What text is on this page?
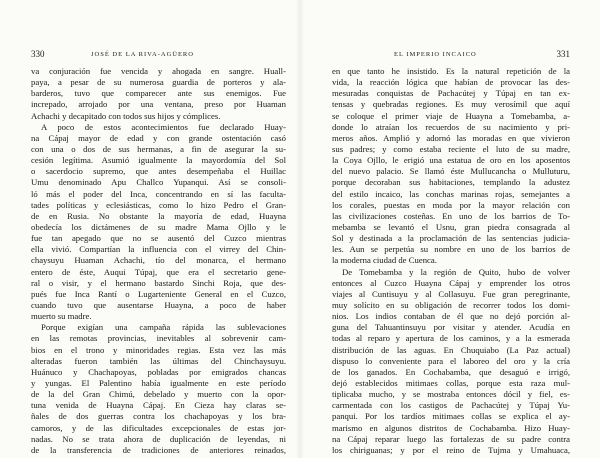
330	JOSÉ DE LA RIVA-AGÜERO
va conjuración fue vencida y ahogada en sangre. Huall-
paya, a pesar de su numerosa guardia de porteros y ala-
barderos, tuvo que comparecer ante sus enemigos. Fue
increpado, arrojado por una ventana, preso por Huaman
Achachi y decapitado con todos sus hijos y cómplices.
A poco de estos acontecimientos fue declarado Huay-
na Cápaj mayor de edad y con grande ostentación casó
con una o dos de sus hermanas, a fin de asegurar la su-
cesión legítima. Asumió igualmente la mayordomía del Sol
o sacerdocio supremo, que antes desempeñaba el Huillac
Umu denominado Apu Challco Yupanqui. Así se consoli-
ló más el poder del Inca, concentrando en sí las faculta-
tades políticas y eclesiásticas, como lo hizo Pedro el Gran-
de en Rusia. No obstante la mayoría de edad, Huayna
obedecía los dictámenes de su madre Mama Ojllo y le
fue tan apegado que no se ausentó del Cuzco mientras
ella vivió. Compartían la influencia con el virrey del Chin-
chaysuyu Huaman Achachi, tío del monarca, el hermano
entero de éste, Auqui Túpaj, que era el secretario gene-
ral o visir, y el hermano bastardo Sinchi Roja, que des-
pués fue Inca Rantí o Lugarteniente General en el Cuzco,
cuando tuvo que ausentarse Huayna, a poco de haber
muerto su madre.
Porque exigían una campaña rápida las sublevaciones
en las remotas provincias, inevitables al sobrevenir cam-
bios en el trono y minoridades regias. Esta vez las más
alteradas fueron también las últimas del Chinchaysuyu.
Huánuco y Chachapoyas, pobladas por emigrados chancas
y yungas. El Palentino había igualmente en este período
de la del Gran Chimú, debelado y muerto con la opor-
tuna venida de Huayna Cápaj. En Cieza hay claras se-
ñales de dos guerras contra los chachapoyas y los bra-
camoros, y de las dificultades excepcionales de estas jor-
nadas. No se trata ahora de duplicación de leyendas, ni
de la transferencia de tradiciones de anteriores reinados,
EL IMPERIO INCAICO	331
en que tanto he insistido. Es la natural repetición de la
vida, la reacción lógica que habían de provocar las des-
mesuradas conquistas de Pachacútej y Túpaj en tan ex-
tensas y quebradas regiones. Es muy verosímil que aquí
se coloque el primer viaje de Huayna a Tomebamba, a-
donde lo atraían los recuerdos de su nacimiento y pri-
meros años. Amplió y adornó las moradas en que vivieron
sus padres; y como estaba reciente el luto de su madre,
la Coya Ojllo, le erigió una estatua de oro en los aposentos
del nuevo palacio. Se llamó éste Mullucancha o Mulluturu,
porque decoraban sus habitaciones, templando la adustez
del estilo incaico, las conchas marinas rojas, semejantes a
los corales, puestas en moda por la mayor relación con
las civilizaciones costeñas. En uno de los barrios de To-
mebamba se levantó el Usnu, gran piedra consagrada al
Sol y destinada a la proclamación de las sentencias judicia-
les. Aun se perpetúa su nombre en uno de los barrios de
la moderna ciudad de Cuenca.
De Tomebamba y la región de Quito, hubo de volver
entonces al Cuzco Huayna Cápaj y emprender los otros
viajes al Cuntisuyu y al Collasuyu. Fue gran peregrinante,
muy solícito en su obligación de recorrer todos los domi-
nios. Los indios contaban de él que no dejó porción al-
guna del Tahuantinsuyu por visitar y atender. Acudía en
todas al reparo y apertura de los caminos, y a la esmerada
distribución de las aguas. En Chuquiabo (La Paz actual)
dispuso lo conveniente para el laboreo del oro y la cría
de los ganados. En Cochabamba, que desaguó e irrigó,
dejó establecidos mitimaes collas, porque esta raza mul-
tiplicaba mucho, y se mostraba entonces dócil y fiel, es-
carmentada con los castigos de Pachacútej y Túpaj Yu-
panqui. Por los tardíos mitimaes collas se explica el ay-
marismo en algunos distritos de Cochabamba. Hizo Huay-
na Cápaj reparar luego las fortalezas de su padre contra
los chiriguanas; y por el reino de Tujma y Umahuaca,
